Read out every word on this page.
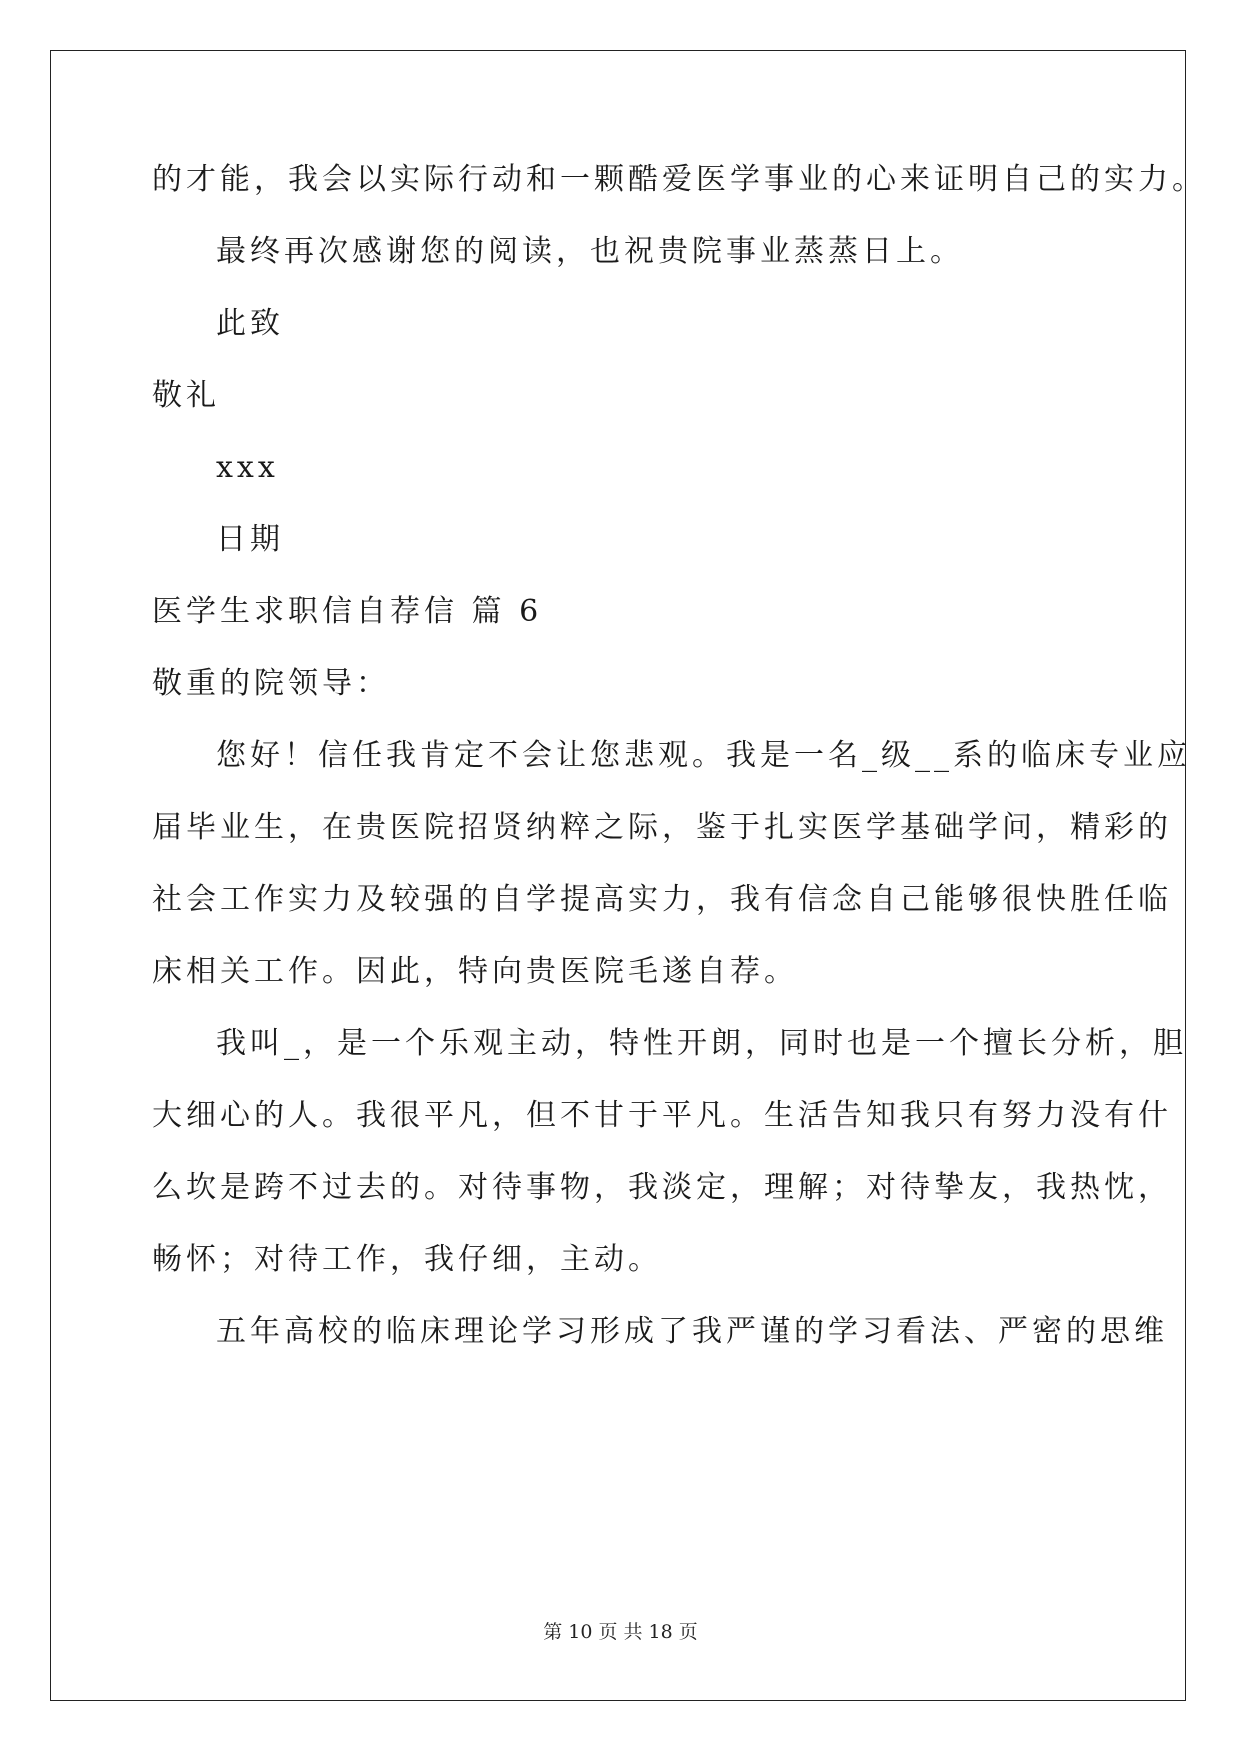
的才能，我会以实际行动和一颗酷爱医学事业的心来证明自己的实力。
最终再次感谢您的阅读，也祝贵院事业蒸蒸日上。
此致
敬礼
xxx
日期
医学生求职信自荐信 篇 6
敬重的院领导：
您好！信任我肯定不会让您悲观。我是一名_级__系的临床专业应
届毕业生，在贵医院招贤纳粹之际，鉴于扎实医学基础学问，精彩的
社会工作实力及较强的自学提高实力，我有信念自己能够很快胜任临
床相关工作。因此，特向贵医院毛遂自荐。
我叫_，是一个乐观主动，特性开朗，同时也是一个擅长分析，胆
大细心的人。我很平凡，但不甘于平凡。生活告知我只有努力没有什
么坎是跨不过去的。对待事物，我淡定，理解；对待挚友，我热忱，
畅怀；对待工作，我仔细，主动。
五年高校的临床理论学习形成了我严谨的学习看法、严密的思维
第 10 页 共 18 页
